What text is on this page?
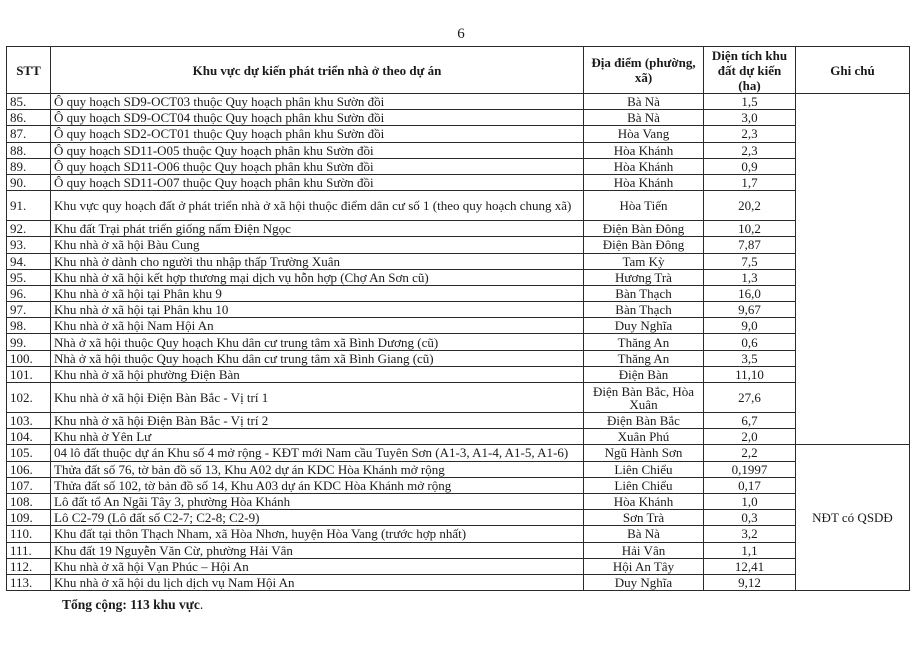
6
STT	Khu vực dự kiến phát triển nhà ở theo dự án	Địa điểm (phường, xã)	Diện tích khu đất dự kiến (ha)	Ghi chú
85.	Ô quy hoạch SD9-OCT03 thuộc Quy hoạch phân khu Sườn đồi	Bà Nà	1,5	
86.	Ô quy hoạch SD9-OCT04 thuộc Quy hoạch phân khu Sườn đồi	Bà Nà	3,0	
87.	Ô quy hoạch SD2-OCT01 thuộc Quy hoạch phân khu Sườn đồi	Hòa Vang	2,3	
88.	Ô quy hoạch SD11-O05 thuộc Quy hoạch phân khu Sườn đồi	Hòa Khánh	2,3	
89.	Ô quy hoạch SD11-O06 thuộc Quy hoạch phân khu Sườn đồi	Hòa Khánh	0,9	
90.	Ô quy hoạch SD11-O07 thuộc Quy hoạch phân khu Sườn đồi	Hòa Khánh	1,7	
91.	Khu vực quy hoạch đất ở phát triển nhà ở xã hội thuộc điểm dân cư số 1 (theo quy hoạch chung xã)	Hòa Tiến	20,2	
92.	Khu đất Trại phát triển giống nấm Điện Ngọc	Điện Bàn Đông	10,2	
93.	Khu nhà ở xã hội Bàu Cung	Điện Bàn Đông	7,87	
94.	Khu nhà ở dành cho người thu nhập thấp Trường Xuân	Tam Kỳ	7,5	
95.	Khu nhà ở xã hội kết hợp thương mại dịch vụ hỗn hợp (Chợ An Sơn cũ)	Hương Trà	1,3	
96.	Khu nhà ở xã hội tại Phân khu 9	Bàn Thạch	16,0	
97.	Khu nhà ở xã hội tại Phân khu 10	Bàn Thạch	9,67	
98.	Khu nhà ở xã hội Nam Hội An	Duy Nghĩa	9,0	
99.	Nhà ở xã hội thuộc Quy hoạch Khu dân cư trung tâm xã Bình Dương (cũ)	Thăng An	0,6	
100.	Nhà ở xã hội thuộc Quy hoạch Khu dân cư trung tâm xã Bình Giang (cũ)	Thăng An	3,5	
101.	Khu nhà ở xã hội phường Điện Bàn	Điện Bàn	11,10	
102.	Khu nhà ở xã hội Điện Bàn Bắc - Vị trí 1	Điện Bàn Bắc, Hòa Xuân	27,6	
103.	Khu nhà ở xã hội Điện Bàn Bắc - Vị trí 2	Điện Bàn Bắc	6,7	
104.	Khu nhà ở Yên Lư	Xuân Phú	2,0	
105.	04 lô đất thuộc dự án Khu số 4 mở rộng - KĐT mới Nam cầu Tuyên Sơn (A1-3, A1-4, A1-5, A1-6)	Ngũ Hành Sơn	2,2	NĐT có QSDĐ
106.	Thửa đất số 76, tờ bản đồ số 13, Khu A02 dự án KDC Hòa Khánh mở rộng	Liên Chiểu	0,1997	
107.	Thửa đất số 102, tờ bản đồ số 14, Khu A03 dự án KDC Hòa Khánh mở rộng	Liên Chiểu	0,17	
108.	Lô đất tổ An Ngãi Tây 3, phường Hòa Khánh	Hòa Khánh	1,0	
109.	Lô C2-79 (Lô đất số C2-7; C2-8; C2-9)	Sơn Trà	0,3	
110.	Khu đất tại thôn Thạch Nham, xã Hòa Nhơn, huyện Hòa Vang (trước hợp nhất)	Bà Nà	3,2	
111.	Khu đất 19 Nguyễn Văn Cừ, phường Hải Vân	Hải Vân	1,1	
112.	Khu nhà ở xã hội Vạn Phúc – Hội An	Hội An Tây	12,41	
113.	Khu nhà ở xã hội du lịch dịch vụ Nam Hội An	Duy Nghĩa	9,12	
Tổng cộng: 113 khu vực.
